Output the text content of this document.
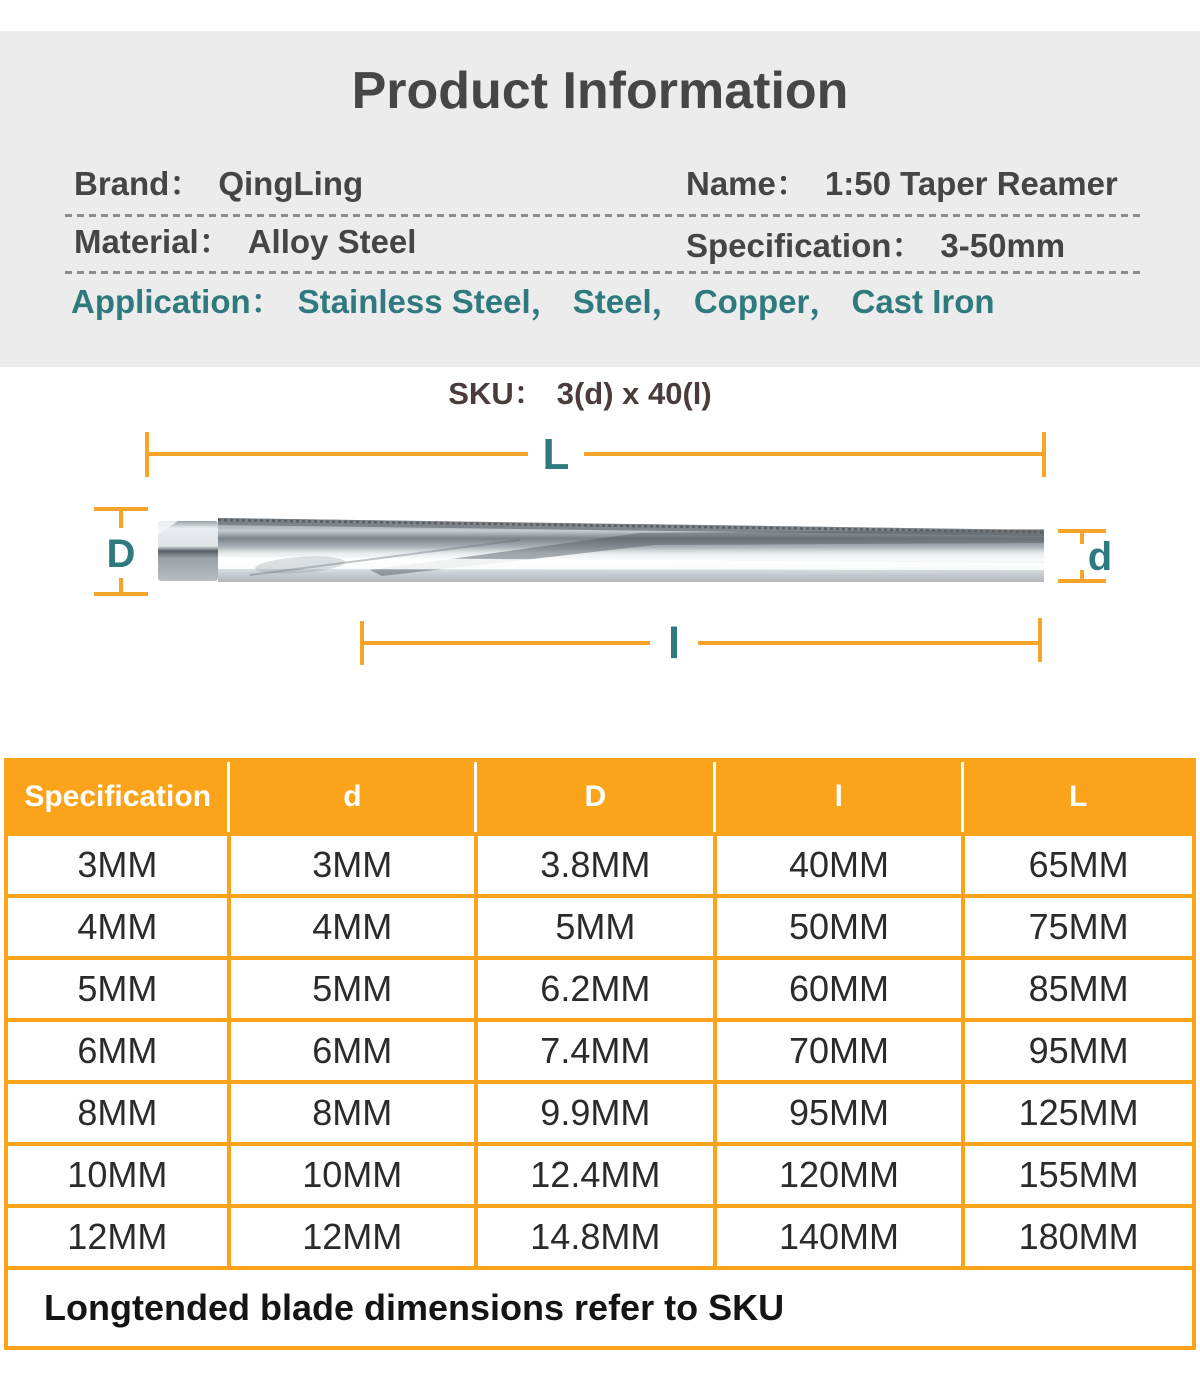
Product Information
Brand： QingLing	Name： 1:50 Taper Reamer
Material： Alloy Steel	Specification： 3-50mm
Application： Stainless Steel， Steel， Copper， Cast Iron
SKU： 3(d) x 40(l)
L
D	d
l
Specification	d	D	l	L
3MM	3MM	3.8MM	40MM	65MM
4MM	4MM	5MM	50MM	75MM
5MM	5MM	6.2MM	60MM	85MM
6MM	6MM	7.4MM	70MM	95MM
8MM	8MM	9.9MM	95MM	125MM
10MM	10MM	12.4MM	120MM	155MM
12MM	12MM	14.8MM	140MM	180MM
Longtended blade dimensions refer to SKU
